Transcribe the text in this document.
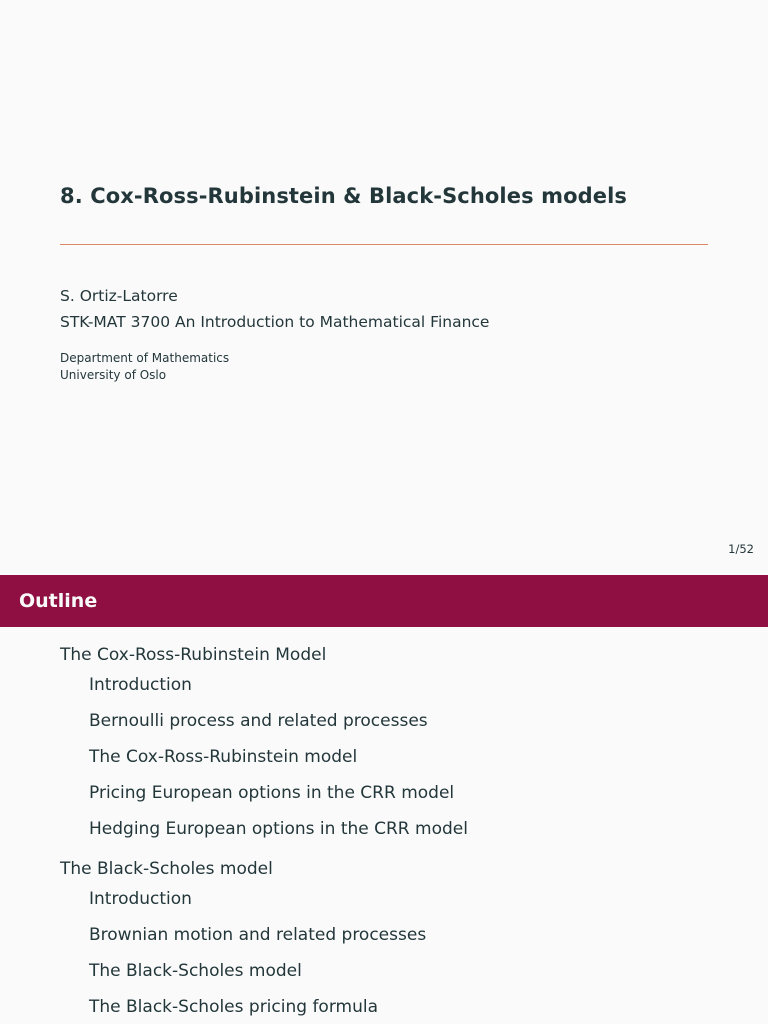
8. Cox-Ross-Rubinstein & Black-Scholes models
S. Ortiz-Latorre
STK-MAT 3700 An Introduction to Mathematical Finance
Department of Mathematics
University of Oslo
1/52
Outline
The Cox-Ross-Rubinstein Model
Introduction
Bernoulli process and related processes
The Cox-Ross-Rubinstein model
Pricing European options in the CRR model
Hedging European options in the CRR model
The Black-Scholes model
Introduction
Brownian motion and related processes
The Black-Scholes model
The Black-Scholes pricing formula
